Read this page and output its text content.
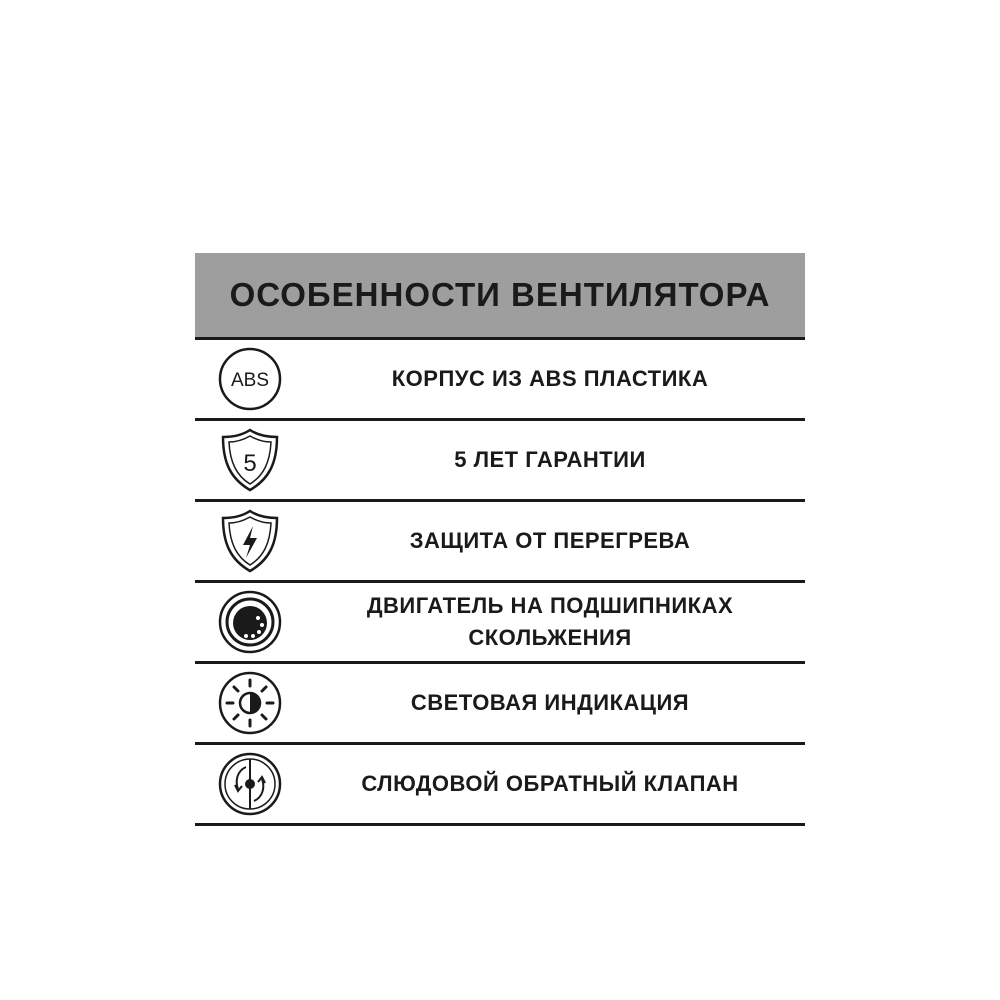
ОСОБЕННОСТИ ВЕНТИЛЯТОРА
ABS	КОРПУС ИЗ ABS ПЛАСТИКА
5	5 ЛЕТ ГАРАНТИИ
ЗАЩИТА ОТ ПЕРЕГРЕВА
ДВИГАТЕЛЬ НА ПОДШИПНИКАХ
СКОЛЬЖЕНИЯ
СВЕТОВАЯ ИНДИКАЦИЯ
СЛЮДОВОЙ ОБРАТНЫЙ КЛАПАН
